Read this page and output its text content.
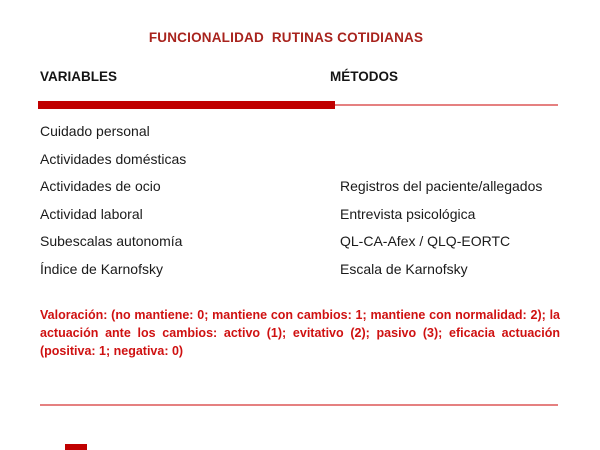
FUNCIONALIDAD  RUTINAS COTIDIANAS
VARIABLES	MÉTODOS
Cuidado personal
Actividades domésticas
Actividades de ocio	Registros del paciente/allegados
Actividad laboral	Entrevista psicológica
Subescalas autonomía	QL-CA-Afex / QLQ-EORTC
Índice de Karnofsky	Escala de Karnofsky
Valoración: (no mantiene: 0; mantiene con cambios: 1; mantiene con normalidad: 2); la actuación ante los cambios: activo (1); evitativo (2); pasivo (3); eficacia actuación (positiva: 1; negativa: 0)
